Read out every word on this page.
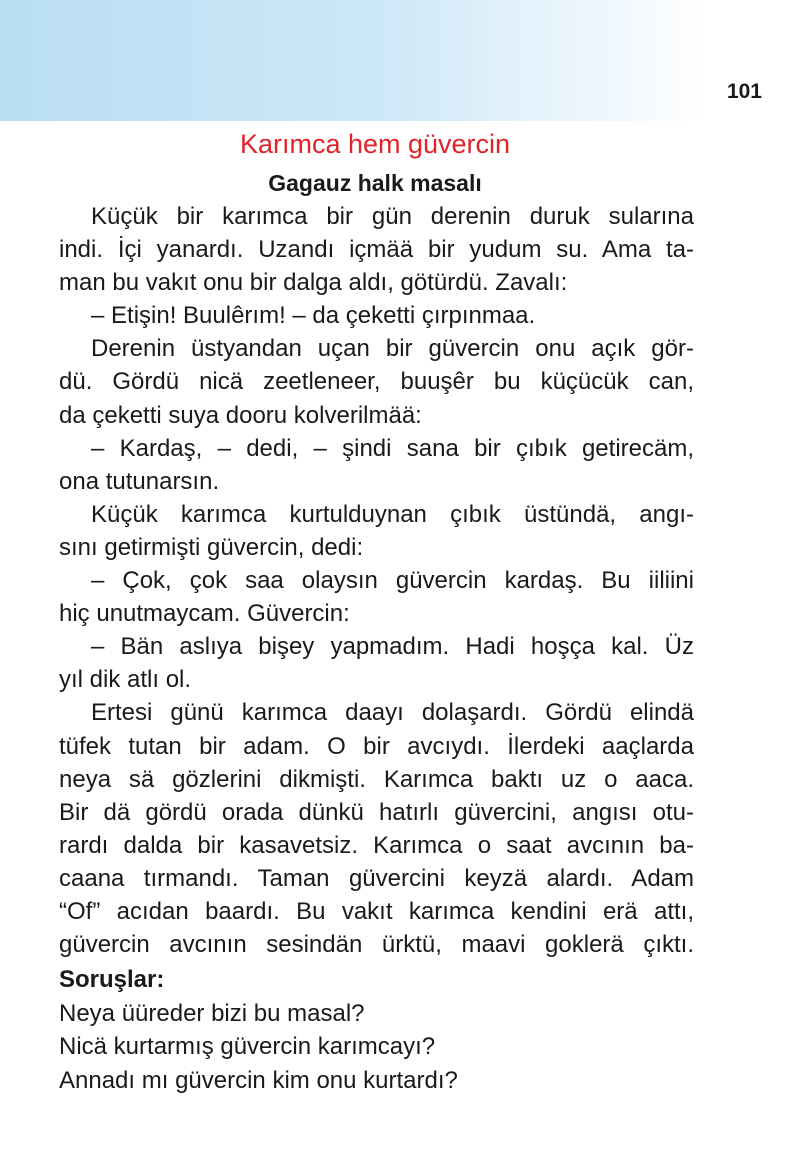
101
Karımca hem güvercin
Gagauz halk masalı
Küçük bir karımca bir gün derenin duruk sularına
indi. İçi yanardı. Uzandı içmää bir yudum su. Ama ta-
man bu vakıt onu bir dalga aldı, götürdü. Zavalı:
– Etişin! Buulêrım! – da çeketti çırpınmaa.
Derenin üstyandan uçan bir güvercin onu açık gör-
dü. Gördü nicä zeetleneer, buuşêr bu küçücük can,
da çeketti suya dooru kolverilmää:
– Kardaş, – dedi, – şindi sana bir çıbık getirecäm,
ona tutunarsın.
Küçük karımca kurtulduynan çıbık üstündä, angı-
sını getirmişti güvercin, dedi:
– Çok, çok saa olaysın güvercin kardaş. Bu iiliini
hiç unutmaycam. Güvercin:
– Bän aslıya bişey yapmadım. Hadi hoşça kal. Üz
yıl dik atlı ol.
Ertesi günü karımca daayı dolaşardı. Gördü elindä
tüfek tutan bir adam. O bir avcıydı. İlerdeki aaçlarda
neya sä gözlerini dikmişti. Karımca baktı uz o aaca.
Bir dä gördü orada dünkü hatırlı güvercini, angısı otu-
rardı dalda bir kasavetsiz. Karımca o saat avcının ba-
caana tırmandı. Taman güvercini keyzä alardı. Adam
“Of” acıdan baardı. Bu vakıt karımca kendini erä attı,
güvercin avcının sesindän ürktü, maavi goklerä çıktı.
Soruşlar:
Neya üüreder bizi bu masal?
Nicä kurtarmış güvercin karımcayı?
Annadı mı güvercin kim onu kurtardı?
